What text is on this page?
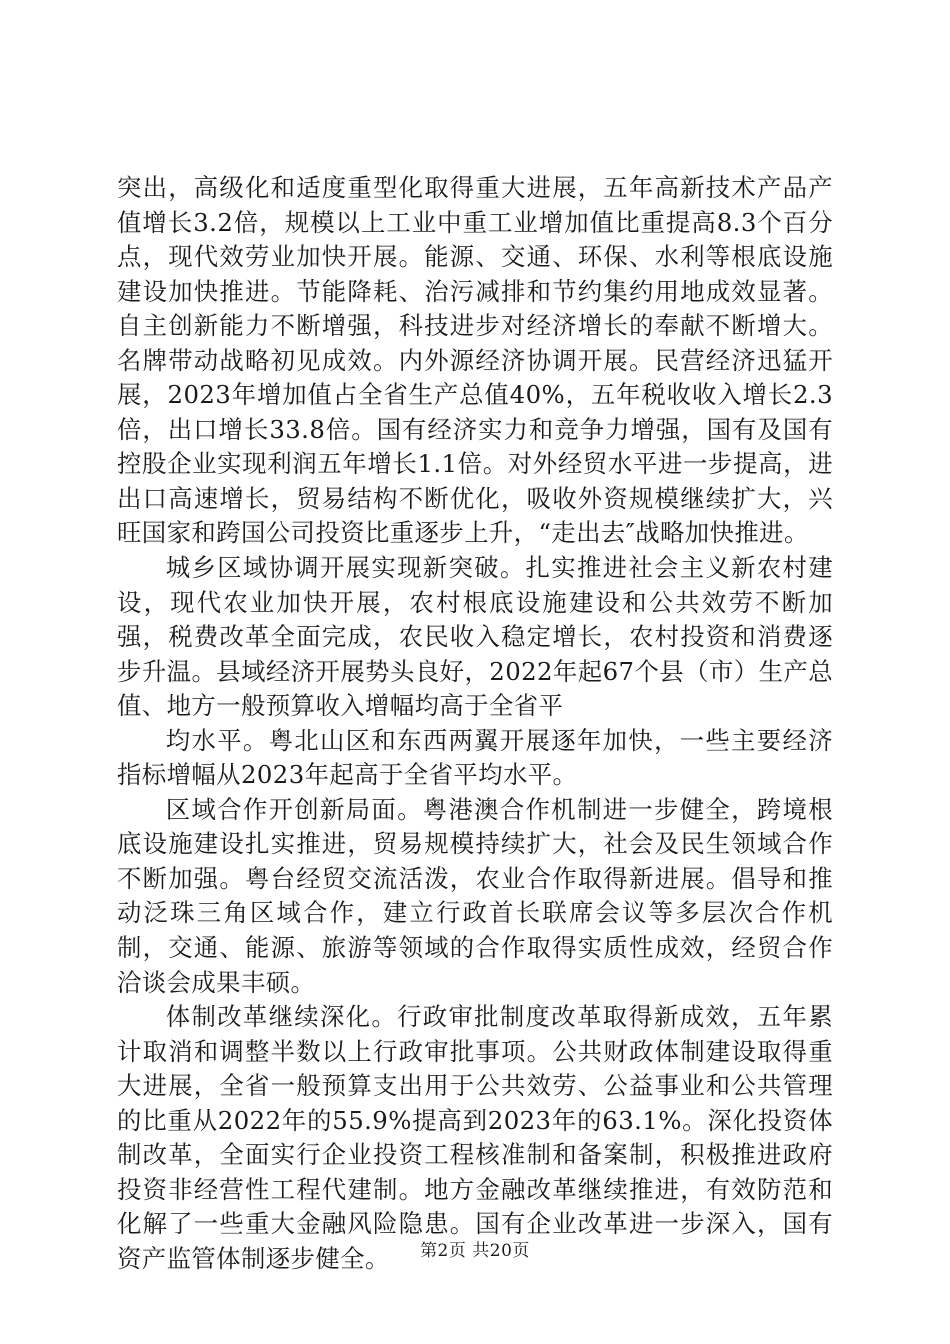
突出，高级化和适度重型化取得重大进展，五年高新技术产品产值增长3.2倍，规模以上工业中重工业增加值比重提高8.3个百分点，现代效劳业加快开展。能源、交通、环保、水利等根底设施建设加快推进。节能降耗、治污减排和节约集约用地成效显著。自主创新能力不断增强，科技进步对经济增长的奉献不断增大。名牌带动战略初见成效。内外源经济协调开展。民营经济迅猛开展，2023年增加值占全省生产总值40%，五年税收收入增长2.3倍，出口增长33.8倍。国有经济实力和竞争力增强，国有及国有控股企业实现利润五年增长1.1倍。对外经贸水平进一步提高，进出口高速增长，贸易结构不断优化，吸收外资规模继续扩大，兴旺国家和跨国公司投资比重逐步上升，“走出去″战略加快推进。

城乡区域协调开展实现新突破。扎实推进社会主义新农村建设，现代农业加快开展，农村根底设施建设和公共效劳不断加强，税费改革全面完成，农民收入稳定增长，农村投资和消费逐步升温。县域经济开展势头良好，2022年起67个县（市）生产总值、地方一般预算收入增幅均高于全省平

均水平。粤北山区和东西两翼开展逐年加快，一些主要经济指标增幅从2023年起高于全省平均水平。

区域合作开创新局面。粤港澳合作机制进一步健全，跨境根底设施建设扎实推进，贸易规模持续扩大，社会及民生领域合作不断加强。粤台经贸交流活泼，农业合作取得新进展。倡导和推动泛珠三角区域合作，建立行政首长联席会议等多层次合作机制，交通、能源、旅游等领域的合作取得实质性成效，经贸合作洽谈会成果丰硕。

体制改革继续深化。行政审批制度改革取得新成效，五年累计取消和调整半数以上行政审批事项。公共财政体制建设取得重大进展，全省一般预算支出用于公共效劳、公益事业和公共管理的比重从2022年的55.9%提高到2023年的63.1%。深化投资体制改革，全面实行企业投资工程核准制和备案制，积极推进政府投资非经营性工程代建制。地方金融改革继续推进，有效防范和化解了一些重大金融风险隐患。国有企业改革进一步深入，国有资产监管体制逐步健全。	第2页 共20页
